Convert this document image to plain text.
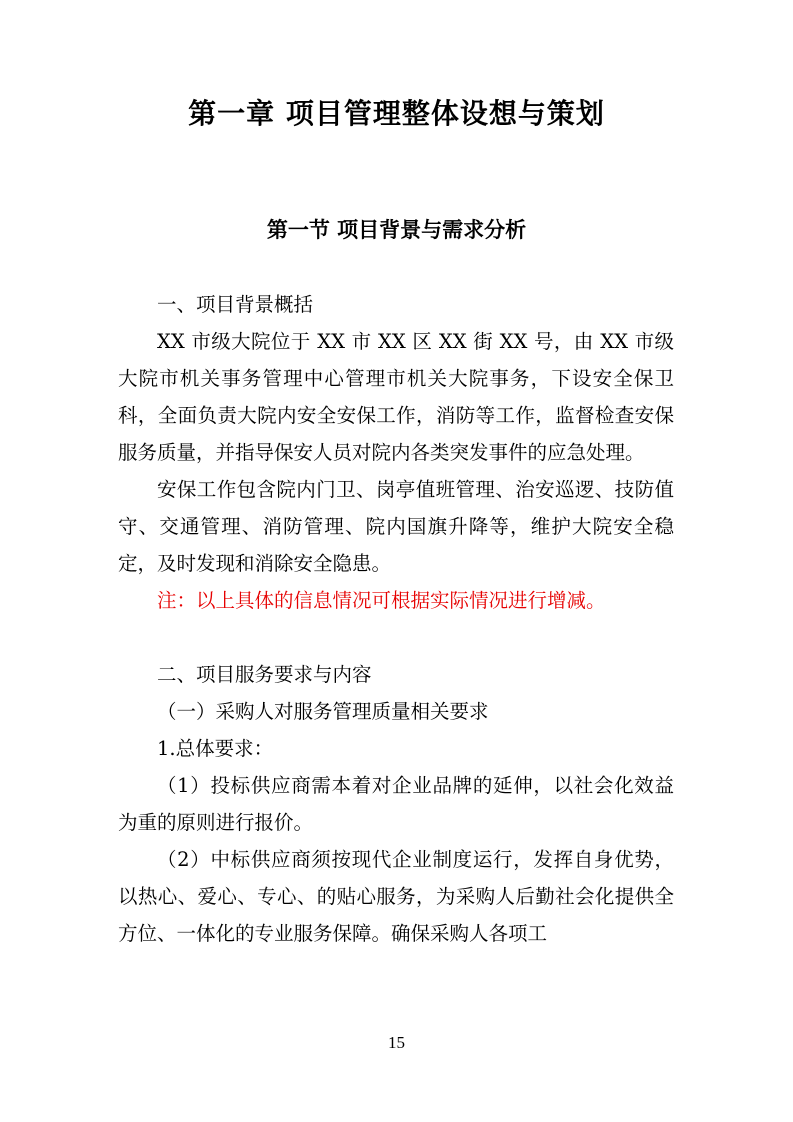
第一章 项目管理整体设想与策划
第一节 项目背景与需求分析

一、项目背景概括

XX 市级大院位于 XX 市 XX 区 XX 街 XX 号，由 XX 市级大院市机关事务管理中心管理市机关大院事务，下设安全保卫科，全面负责大院内安全安保工作，消防等工作，监督检查安保服务质量，并指导保安人员对院内各类突发事件的应急处理。

安保工作包含院内门卫、岗亭值班管理、治安巡逻、技防值守、交通管理、消防管理、院内国旗升降等，维护大院安全稳定，及时发现和消除安全隐患。

注：以上具体的信息情况可根据实际情况进行增减。

二、项目服务要求与内容

（一）采购人对服务管理质量相关要求

1.总体要求：

（1）投标供应商需本着对企业品牌的延伸，以社会化效益为重的原则进行报价。

（2）中标供应商须按现代企业制度运行，发挥自身优势，以热心、爱心、专心、的贴心服务，为采购人后勤社会化提供全方位、一体化的专业服务保障。确保采购人各项工

15
